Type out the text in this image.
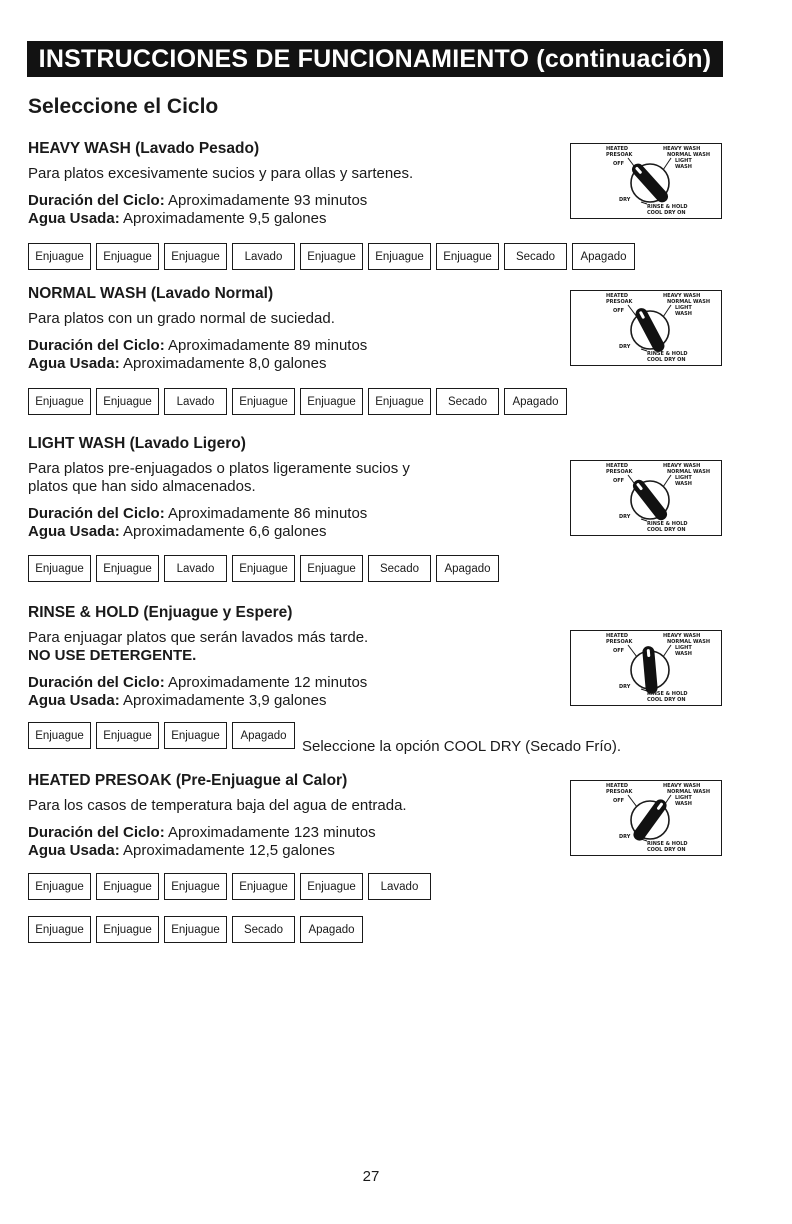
INSTRUCCIONES DE FUNCIONAMIENTO (continuación)
Seleccione el Ciclo

HEAVY WASH (Lavado Pesado)

Para platos excesivamente sucios y para ollas y sartenes.

Duración del Ciclo: Aproximadamente 93 minutos

Agua Usada: Aproximadamente 9,5 galones

Enjuague	Enjuague	Enjuague	Lavado	Enjuague	Enjuague	Enjuague	Secado	Apagado

NORMAL WASH (Lavado Normal)

Para platos con un grado normal de suciedad.

Duración del Ciclo: Aproximadamente 89 minutos

Agua Usada: Aproximadamente 8,0 galones

Enjuague	Enjuague	Lavado	Enjuague	Enjuague	Enjuague	Secado	Apagado

LIGHT WASH (Lavado Ligero)

Para platos pre-enjuagados o platos ligeramente sucios y

platos que han sido almacenados.

Duración del Ciclo: Aproximadamente 86 minutos

Agua Usada: Aproximadamente 6,6 galones

Enjuague	Enjuague	Lavado	Enjuague	Enjuague	Secado	Apagado

RINSE & HOLD (Enjuague y Espere)

Para enjuagar platos que serán lavados más tarde.

NO USE DETERGENTE.

Duración del Ciclo: Aproximadamente 12 minutos

Agua Usada: Aproximadamente 3,9 galones

Enjuague	Enjuague	Enjuague	Apagado
Seleccione la opción COOL DRY (Secado Frío).

HEATED PRESOAK (Pre-Enjuague al Calor)

Para los casos de temperatura baja del agua de entrada.

Duración del Ciclo: Aproximadamente 123 minutos

Agua Usada: Aproximadamente 12,5 galones

Enjuague	Enjuague	Enjuague	Enjuague	Enjuague	Lavado
Enjuague	Enjuague	Enjuague	Secado	Apagado
HEATED
PRESOAK
OFF
HEAVY WASH
NORMAL WASH
LIGHT
WASH
DRY
RINSE & HOLD
COOL DRY ON
HEATED
PRESOAK
OFF
HEAVY WASH
NORMAL WASH
LIGHT
WASH
DRY
RINSE & HOLD
COOL DRY ON
HEATED
PRESOAK
OFF
HEAVY WASH
NORMAL WASH
LIGHT
WASH
DRY
RINSE & HOLD
COOL DRY ON
HEATED
PRESOAK
OFF
HEAVY WASH
NORMAL WASH
LIGHT
WASH
DRY
RINSE & HOLD
COOL DRY ON
HEATED
PRESOAK
OFF
HEAVY WASH
NORMAL WASH
LIGHT
WASH
DRY
RINSE & HOLD
COOL DRY ON
27
